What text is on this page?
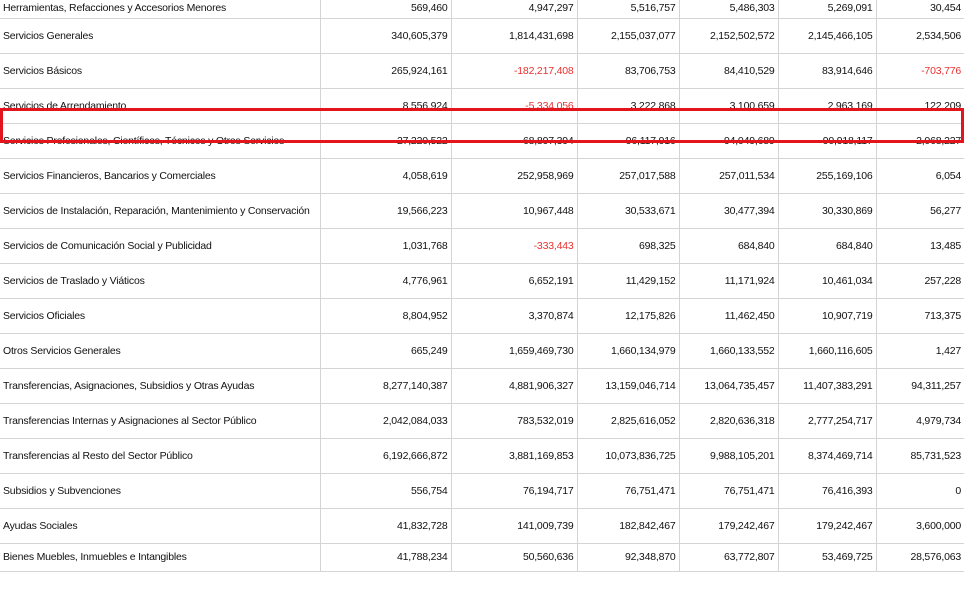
Herramientas, Refacciones y Accesorios Menores	569,460	4,947,297	5,516,757	5,486,303	5,269,091	30,454
Servicios Generales	340,605,379	1,814,431,698	2,155,037,077	2,152,502,572	2,145,466,105	2,534,506
Servicios Básicos	265,924,161	-182,217,408	83,706,753	84,410,529	83,914,646	-703,776
Servicios de Arrendamiento	8,556,924	-5,334,056	3,222,868	3,100,659	2,963,169	122,209
Servicios Profesionales, Científicos, Técnicos y Otros Servicios	27,220,522	68,897,394	96,117,916	94,049,689	90,918,117	2,068,227
Servicios Financieros, Bancarios y Comerciales	4,058,619	252,958,969	257,017,588	257,011,534	255,169,106	6,054
Servicios de Instalación, Reparación, Mantenimiento y Conservación	19,566,223	10,967,448	30,533,671	30,477,394	30,330,869	56,277
Servicios de Comunicación Social y Publicidad	1,031,768	-333,443	698,325	684,840	684,840	13,485
Servicios de Traslado y Viáticos	4,776,961	6,652,191	11,429,152	11,171,924	10,461,034	257,228
Servicios Oficiales	8,804,952	3,370,874	12,175,826	11,462,450	10,907,719	713,375
Otros Servicios Generales	665,249	1,659,469,730	1,660,134,979	1,660,133,552	1,660,116,605	1,427
Transferencias, Asignaciones, Subsidios y Otras Ayudas	8,277,140,387	4,881,906,327	13,159,046,714	13,064,735,457	11,407,383,291	94,311,257
Transferencias Internas y Asignaciones al Sector Público	2,042,084,033	783,532,019	2,825,616,052	2,820,636,318	2,777,254,717	4,979,734
Transferencias al Resto del Sector Público	6,192,666,872	3,881,169,853	10,073,836,725	9,988,105,201	8,374,469,714	85,731,523
Subsidios y Subvenciones	556,754	76,194,717	76,751,471	76,751,471	76,416,393	0
Ayudas Sociales	41,832,728	141,009,739	182,842,467	179,242,467	179,242,467	3,600,000
Bienes Muebles, Inmuebles e Intangibles	41,788,234	50,560,636	92,348,870	63,772,807	53,469,725	28,576,063
